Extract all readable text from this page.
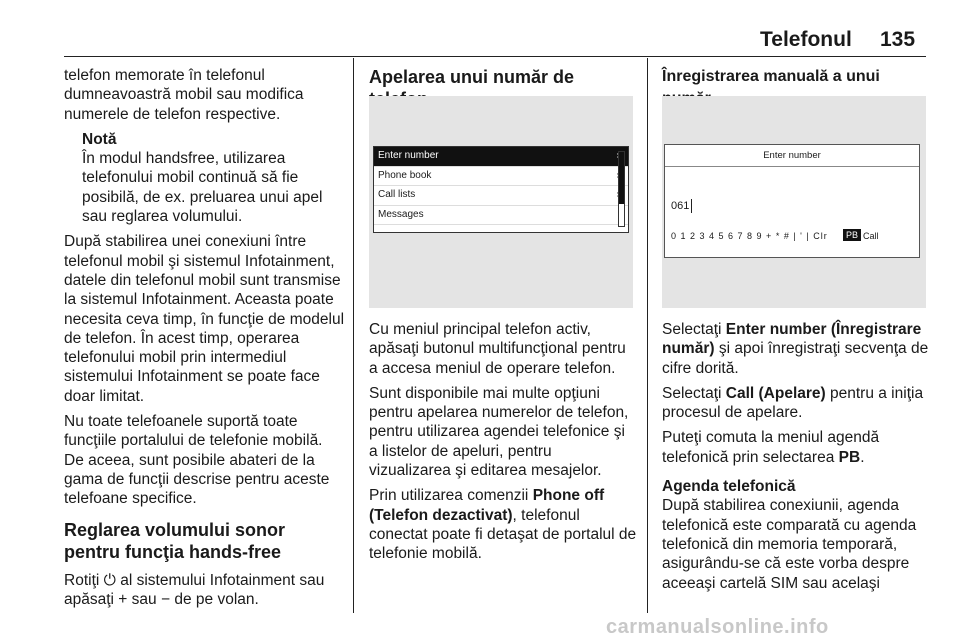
Telefonul 135

telefon memorate în telefonul dumneavoastră mobil sau modifica numerele de telefon respective.

Notă

În modul handsfree, utilizarea telefonului mobil continuă să fie posibilă, de ex. preluarea unui apel sau reglarea volumului.

După stabilirea unei conexiuni între telefonul mobil şi sistemul Infotainment, datele din telefonul mobil sunt transmise la sistemul Infotainment. Aceasta poate necesita ceva timp, în funcţie de modelul de telefon. În acest timp, operarea telefonului mobil prin intermediul sistemului Infotainment se poate face doar limitat.

Nu toate telefoanele suportă toate funcţiile portalului de telefonie mobilă. De aceea, sunt posibile abateri de la gama de funcţii descrise pentru aceste telefoane specifice.

Reglarea volumului sonor pentru funcţia hands-free

Rotiţi ⏻ al sistemului Infotainment sau apăsaţi + sau − de pe volan.

Apelarea unui număr de
Enter number
Phone book
Call lists
Messages

Cu meniul principal telefon activ, apăsaţi butonul multifuncţional pentru a accesa meniul de operare telefon.

Sunt disponibile mai multe opţiuni pentru apelarea numerelor de telefon, pentru utilizarea agendei telefonice şi a listelor de apeluri, pentru vizualizarea şi editarea mesajelor.

Prin utilizarea comenzii Phone off (Telefon dezactivat), telefonul conectat poate fi detaşat de portalul de telefonie mobilă.

Înregistrarea manuală a unui
Enter number
061
0 1 2 3 4 5 6 7 8 9 + * # | ' | Clr	PB Call

Selectaţi Enter number (Înregistrare număr) şi apoi înregistraţi secvenţa de cifre dorită.

Selectaţi Call (Apelare) pentru a iniţia procesul de apelare.

Puteţi comuta la meniul agendă telefonică prin selectarea PB.

Agenda telefonică

După stabilirea conexiunii, agenda telefonică este comparată cu agenda telefonică din memoria temporară, asigurându-se că este vorba despre aceeaşi cartelă SIM sau acelaşi

carmanualsonline.info
